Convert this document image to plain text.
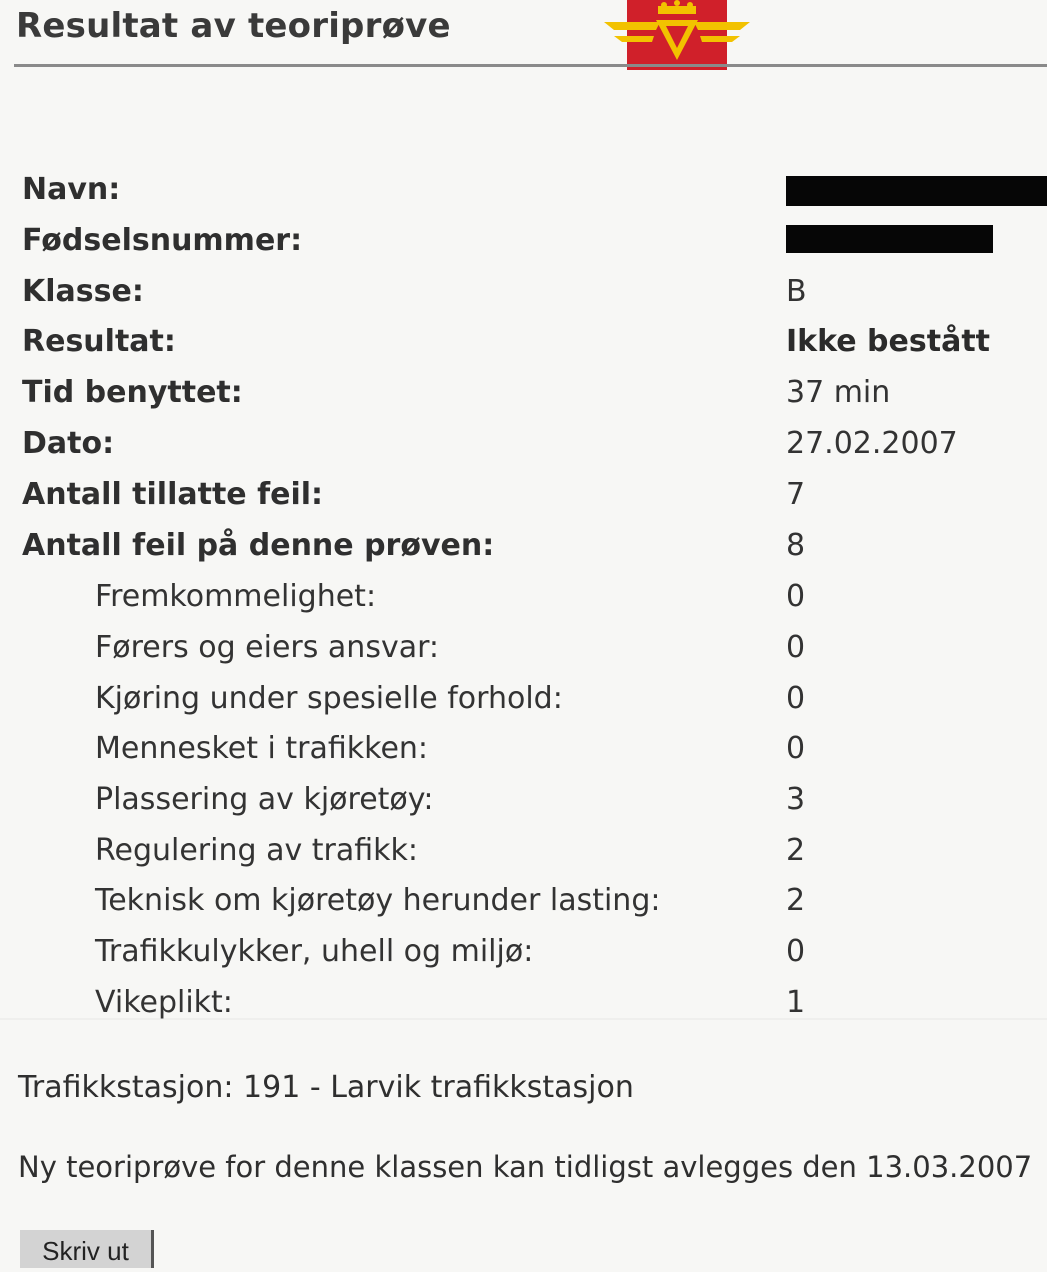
Resultat av teoriprøve
Navn:
Fødselsnummer:
Klasse:	B
Resultat:	Ikke bestått
Tid benyttet:	37 min
Dato:	27.02.2007
Antall tillatte feil:	7
Antall feil på denne prøven:	8
Fremkommelighet:	0
Førers og eiers ansvar:	0
Kjøring under spesielle forhold:	0
Mennesket i trafikken:	0
Plassering av kjøretøy:	3
Regulering av trafikk:	2
Teknisk om kjøretøy herunder lasting:	2
Trafikkulykker, uhell og miljø:	0
Vikeplikt:	1
Trafikkstasjon: 191 - Larvik trafikkstasjon
Ny teoriprøve for denne klassen kan tidligst avlegges den 13.03.2007
Skriv ut
